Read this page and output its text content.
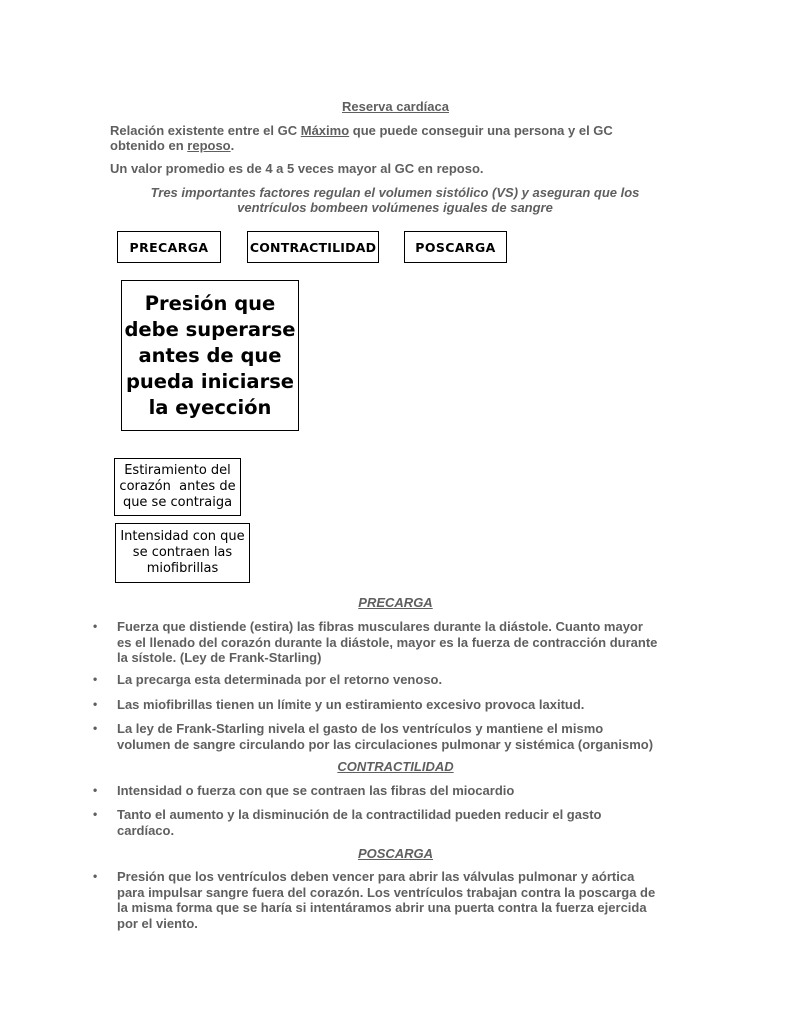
Reserva cardíaca
Relación existente entre el GC Máximo que puede conseguir una persona y el GC
obtenido en reposo.
Un valor promedio es de 4 a 5 veces mayor al GC en reposo.
Tres importantes factores regulan el volumen sistólico (VS) y aseguran que los
ventrículos bombeen volúmenes iguales de sangre
PRECARGA	CONTRACTILIDAD	POSCARGA
Presión que
debe superarse
antes de que
pueda iniciarse
la eyección
Estiramiento del
corazón  antes de
que se contraiga
Intensidad con que
se contraen las
miofibrillas
PRECARGA
• Fuerza que distiende (estira) las fibras musculares durante la diástole. Cuanto mayor
es el llenado del corazón durante la diástole, mayor es la fuerza de contracción durante
la sístole. (Ley de Frank-Starling)
• La precarga esta determinada por el retorno venoso.
• Las miofibrillas tienen un límite y un estiramiento excesivo provoca laxitud.
• La ley de Frank-Starling nivela el gasto de los ventrículos y mantiene el mismo
volumen de sangre circulando por las circulaciones pulmonar y sistémica (organismo)
CONTRACTILIDAD
• Intensidad o fuerza con que se contraen las fibras del miocardio
• Tanto el aumento y la disminución de la contractilidad pueden reducir el gasto
cardíaco.
POSCARGA
• Presión que los ventrículos deben vencer para abrir las válvulas pulmonar y aórtica
para impulsar sangre fuera del corazón. Los ventrículos trabajan contra la poscarga de
la misma forma que se haría si intentáramos abrir una puerta contra la fuerza ejercida
por el viento.
